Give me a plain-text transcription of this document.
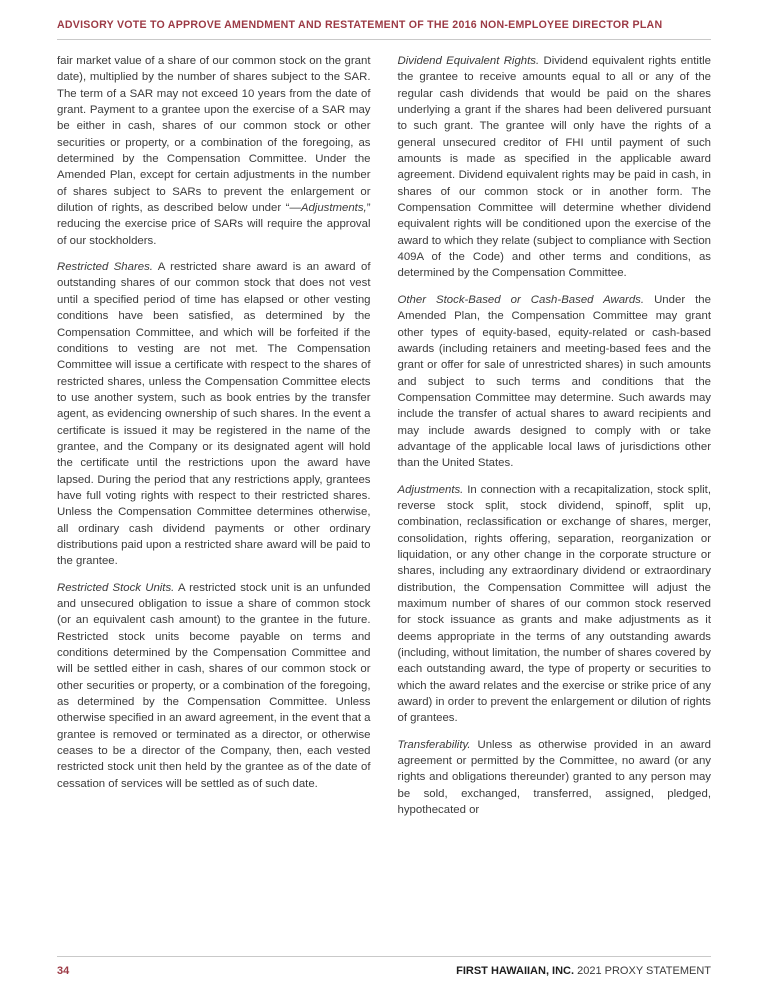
ADVISORY VOTE TO APPROVE AMENDMENT AND RESTATEMENT OF THE 2016 NON-EMPLOYEE DIRECTOR PLAN

fair market value of a share of our common stock on the grant date), multiplied by the number of shares subject to the SAR. The term of a SAR may not exceed 10 years from the date of grant. Payment to a grantee upon the exercise of a SAR may be either in cash, shares of our common stock or other securities or property, or a combination of the foregoing, as determined by the Compensation Committee. Under the Amended Plan, except for certain adjustments in the number of shares subject to SARs to prevent the enlargement or dilution of rights, as described below under “—Adjustments,” reducing the exercise price of SARs will require the approval of our stockholders.

Restricted Shares. A restricted share award is an award of outstanding shares of our common stock that does not vest until a specified period of time has elapsed or other vesting conditions have been satisfied, as determined by the Compensation Committee, and which will be forfeited if the conditions to vesting are not met. The Compensation Committee will issue a certificate with respect to the shares of restricted shares, unless the Compensation Committee elects to use another system, such as book entries by the transfer agent, as evidencing ownership of such shares. In the event a certificate is issued it may be registered in the name of the grantee, and the Company or its designated agent will hold the certificate until the restrictions upon the award have lapsed. During the period that any restrictions apply, grantees have full voting rights with respect to their restricted shares. Unless the Compensation Committee determines otherwise, all ordinary cash dividend payments or other ordinary distributions paid upon a restricted share award will be paid to the grantee.

Restricted Stock Units. A restricted stock unit is an unfunded and unsecured obligation to issue a share of common stock (or an equivalent cash amount) to the grantee in the future. Restricted stock units become payable on terms and conditions determined by the Compensation Committee and will be settled either in cash, shares of our common stock or other securities or property, or a combination of the foregoing, as determined by the Compensation Committee. Unless otherwise specified in an award agreement, in the event that a grantee is removed or terminated as a director, or otherwise ceases to be a director of the Company, then, each vested restricted stock unit then held by the grantee as of the date of cessation of services will be settled as of such date.

Dividend Equivalent Rights. Dividend equivalent rights entitle the grantee to receive amounts equal to all or any of the regular cash dividends that would be paid on the shares underlying a grant if the shares had been delivered pursuant to such grant. The grantee will only have the rights of a general unsecured creditor of FHI until payment of such amounts is made as specified in the applicable award agreement. Dividend equivalent rights may be paid in cash, in shares of our common stock or in another form. The Compensation Committee will determine whether dividend equivalent rights will be conditioned upon the exercise of the award to which they relate (subject to compliance with Section 409A of the Code) and other terms and conditions, as determined by the Compensation Committee.

Other Stock-Based or Cash-Based Awards. Under the Amended Plan, the Compensation Committee may grant other types of equity-based, equity-related or cash-based awards (including retainers and meeting-based fees and the grant or offer for sale of unrestricted shares) in such amounts and subject to such terms and conditions that the Compensation Committee may determine. Such awards may include the transfer of actual shares to award recipients and may include awards designed to comply with or take advantage of the applicable local laws of jurisdictions other than the United States.

Adjustments. In connection with a recapitalization, stock split, reverse stock split, stock dividend, spinoff, split up, combination, reclassification or exchange of shares, merger, consolidation, rights offering, separation, reorganization or liquidation, or any other change in the corporate structure or shares, including any extraordinary dividend or extraordinary distribution, the Compensation Committee will adjust the maximum number of shares of our common stock reserved for stock issuance as grants and make adjustments as it deems appropriate in the terms of any outstanding awards (including, without limitation, the number of shares covered by each outstanding award, the type of property or securities to which the award relates and the exercise or strike price of any award) in order to prevent the enlargement or dilution of rights of grantees.

Transferability. Unless as otherwise provided in an award agreement or permitted by the Committee, no award (or any rights and obligations thereunder) granted to any person may be sold, exchanged, transferred, assigned, pledged, hypothecated or

34	FIRST HAWAIIAN, INC. 2021 PROXY STATEMENT
